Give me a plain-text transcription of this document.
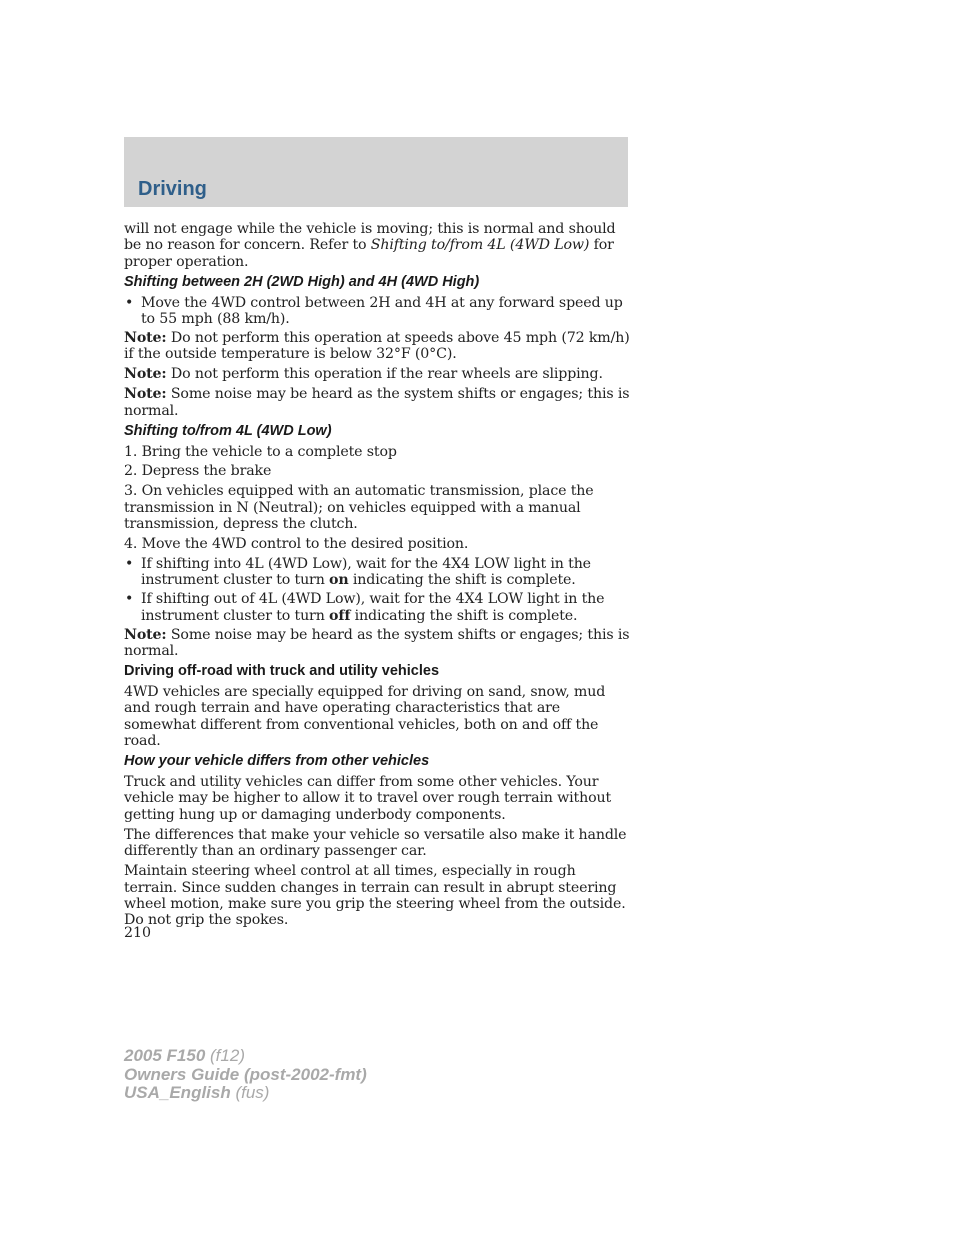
Driving

will not engage while the vehicle is moving; this is normal and should be no reason for concern. Refer to Shifting to/from 4L (4WD Low) for proper operation.

Shifting between 2H (2WD High) and 4H (4WD High)
• Move the 4WD control between 2H and 4H at any forward speed up to 55 mph (88 km/h).

Note: Do not perform this operation at speeds above 45 mph (72 km/h) if the outside temperature is below 32°F (0°C).

Note: Do not perform this operation if the rear wheels are slipping.

Note: Some noise may be heard as the system shifts or engages; this is normal.

Shifting to/from 4L (4WD Low)

1. Bring the vehicle to a complete stop

2. Depress the brake

3. On vehicles equipped with an automatic transmission, place the transmission in N (Neutral); on vehicles equipped with a manual transmission, depress the clutch.

4. Move the 4WD control to the desired position.

• If shifting into 4L (4WD Low), wait for the 4X4 LOW light in the instrument cluster to turn on indicating the shift is complete.
• If shifting out of 4L (4WD Low), wait for the 4X4 LOW light in the instrument cluster to turn off indicating the shift is complete.

Note: Some noise may be heard as the system shifts or engages; this is normal.

Driving off-road with truck and utility vehicles

4WD vehicles are specially equipped for driving on sand, snow, mud and rough terrain and have operating characteristics that are somewhat different from conventional vehicles, both on and off the road.

How your vehicle differs from other vehicles

Truck and utility vehicles can differ from some other vehicles. Your vehicle may be higher to allow it to travel over rough terrain without getting hung up or damaging underbody components.

The differences that make your vehicle so versatile also make it handle differently than an ordinary passenger car.

Maintain steering wheel control at all times, especially in rough terrain. Since sudden changes in terrain can result in abrupt steering wheel motion, make sure you grip the steering wheel from the outside. Do not grip the spokes.

210
2005 F150 (f12)
Owners Guide (post-2002-fmt)
USA_English (fus)
